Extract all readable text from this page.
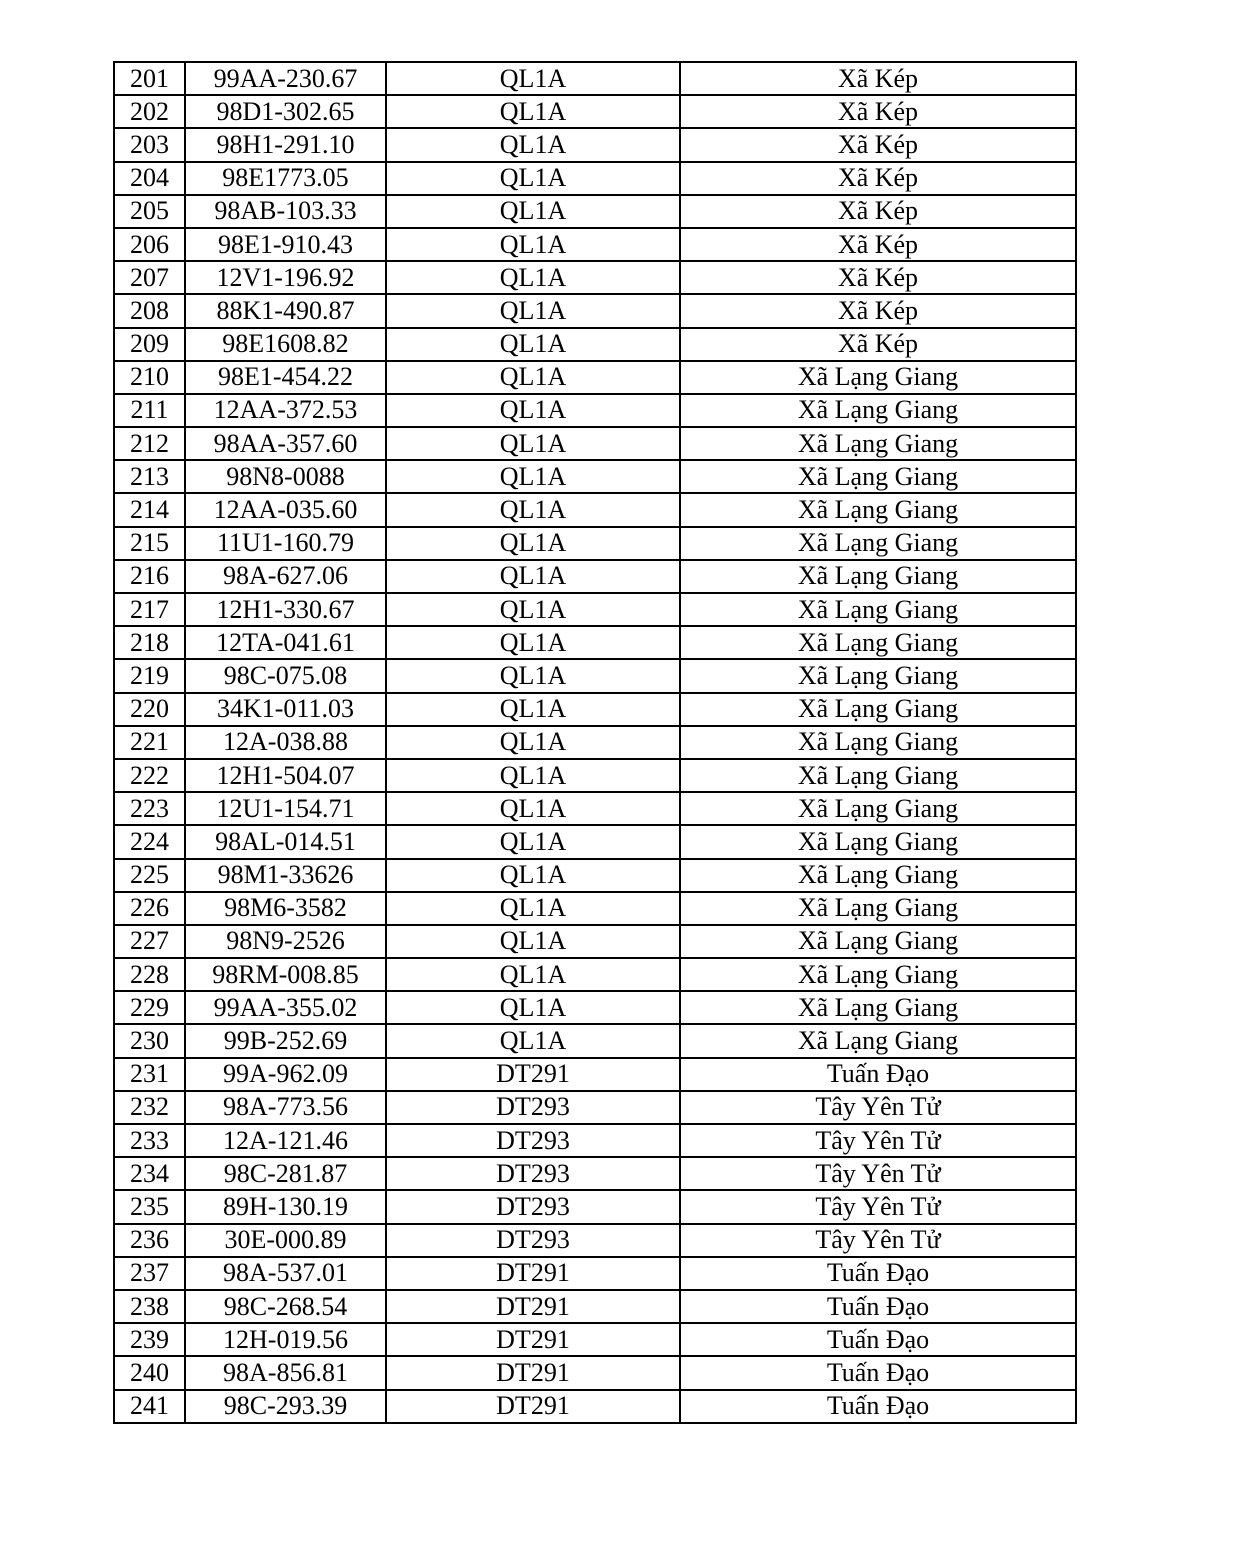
201	99AA-230.67	QL1A	Xã Kép
202	98D1-302.65	QL1A	Xã Kép
203	98H1-291.10	QL1A	Xã Kép
204	98E1773.05	QL1A	Xã Kép
205	98AB-103.33	QL1A	Xã Kép
206	98E1-910.43	QL1A	Xã Kép
207	12V1-196.92	QL1A	Xã Kép
208	88K1-490.87	QL1A	Xã Kép
209	98E1608.82	QL1A	Xã Kép
210	98E1-454.22	QL1A	Xã Lạng Giang
211	12AA-372.53	QL1A	Xã Lạng Giang
212	98AA-357.60	QL1A	Xã Lạng Giang
213	98N8-0088	QL1A	Xã Lạng Giang
214	12AA-035.60	QL1A	Xã Lạng Giang
215	11U1-160.79	QL1A	Xã Lạng Giang
216	98A-627.06	QL1A	Xã Lạng Giang
217	12H1-330.67	QL1A	Xã Lạng Giang
218	12TA-041.61	QL1A	Xã Lạng Giang
219	98C-075.08	QL1A	Xã Lạng Giang
220	34K1-011.03	QL1A	Xã Lạng Giang
221	12A-038.88	QL1A	Xã Lạng Giang
222	12H1-504.07	QL1A	Xã Lạng Giang
223	12U1-154.71	QL1A	Xã Lạng Giang
224	98AL-014.51	QL1A	Xã Lạng Giang
225	98M1-33626	QL1A	Xã Lạng Giang
226	98M6-3582	QL1A	Xã Lạng Giang
227	98N9-2526	QL1A	Xã Lạng Giang
228	98RM-008.85	QL1A	Xã Lạng Giang
229	99AA-355.02	QL1A	Xã Lạng Giang
230	99B-252.69	QL1A	Xã Lạng Giang
231	99A-962.09	DT291	Tuấn Đạo
232	98A-773.56	DT293	Tây Yên Tử
233	12A-121.46	DT293	Tây Yên Tử
234	98C-281.87	DT293	Tây Yên Tử
235	89H-130.19	DT293	Tây Yên Tử
236	30E-000.89	DT293	Tây Yên Tử
237	98A-537.01	DT291	Tuấn Đạo
238	98C-268.54	DT291	Tuấn Đạo
239	12H-019.56	DT291	Tuấn Đạo
240	98A-856.81	DT291	Tuấn Đạo
241	98C-293.39	DT291	Tuấn Đạo
